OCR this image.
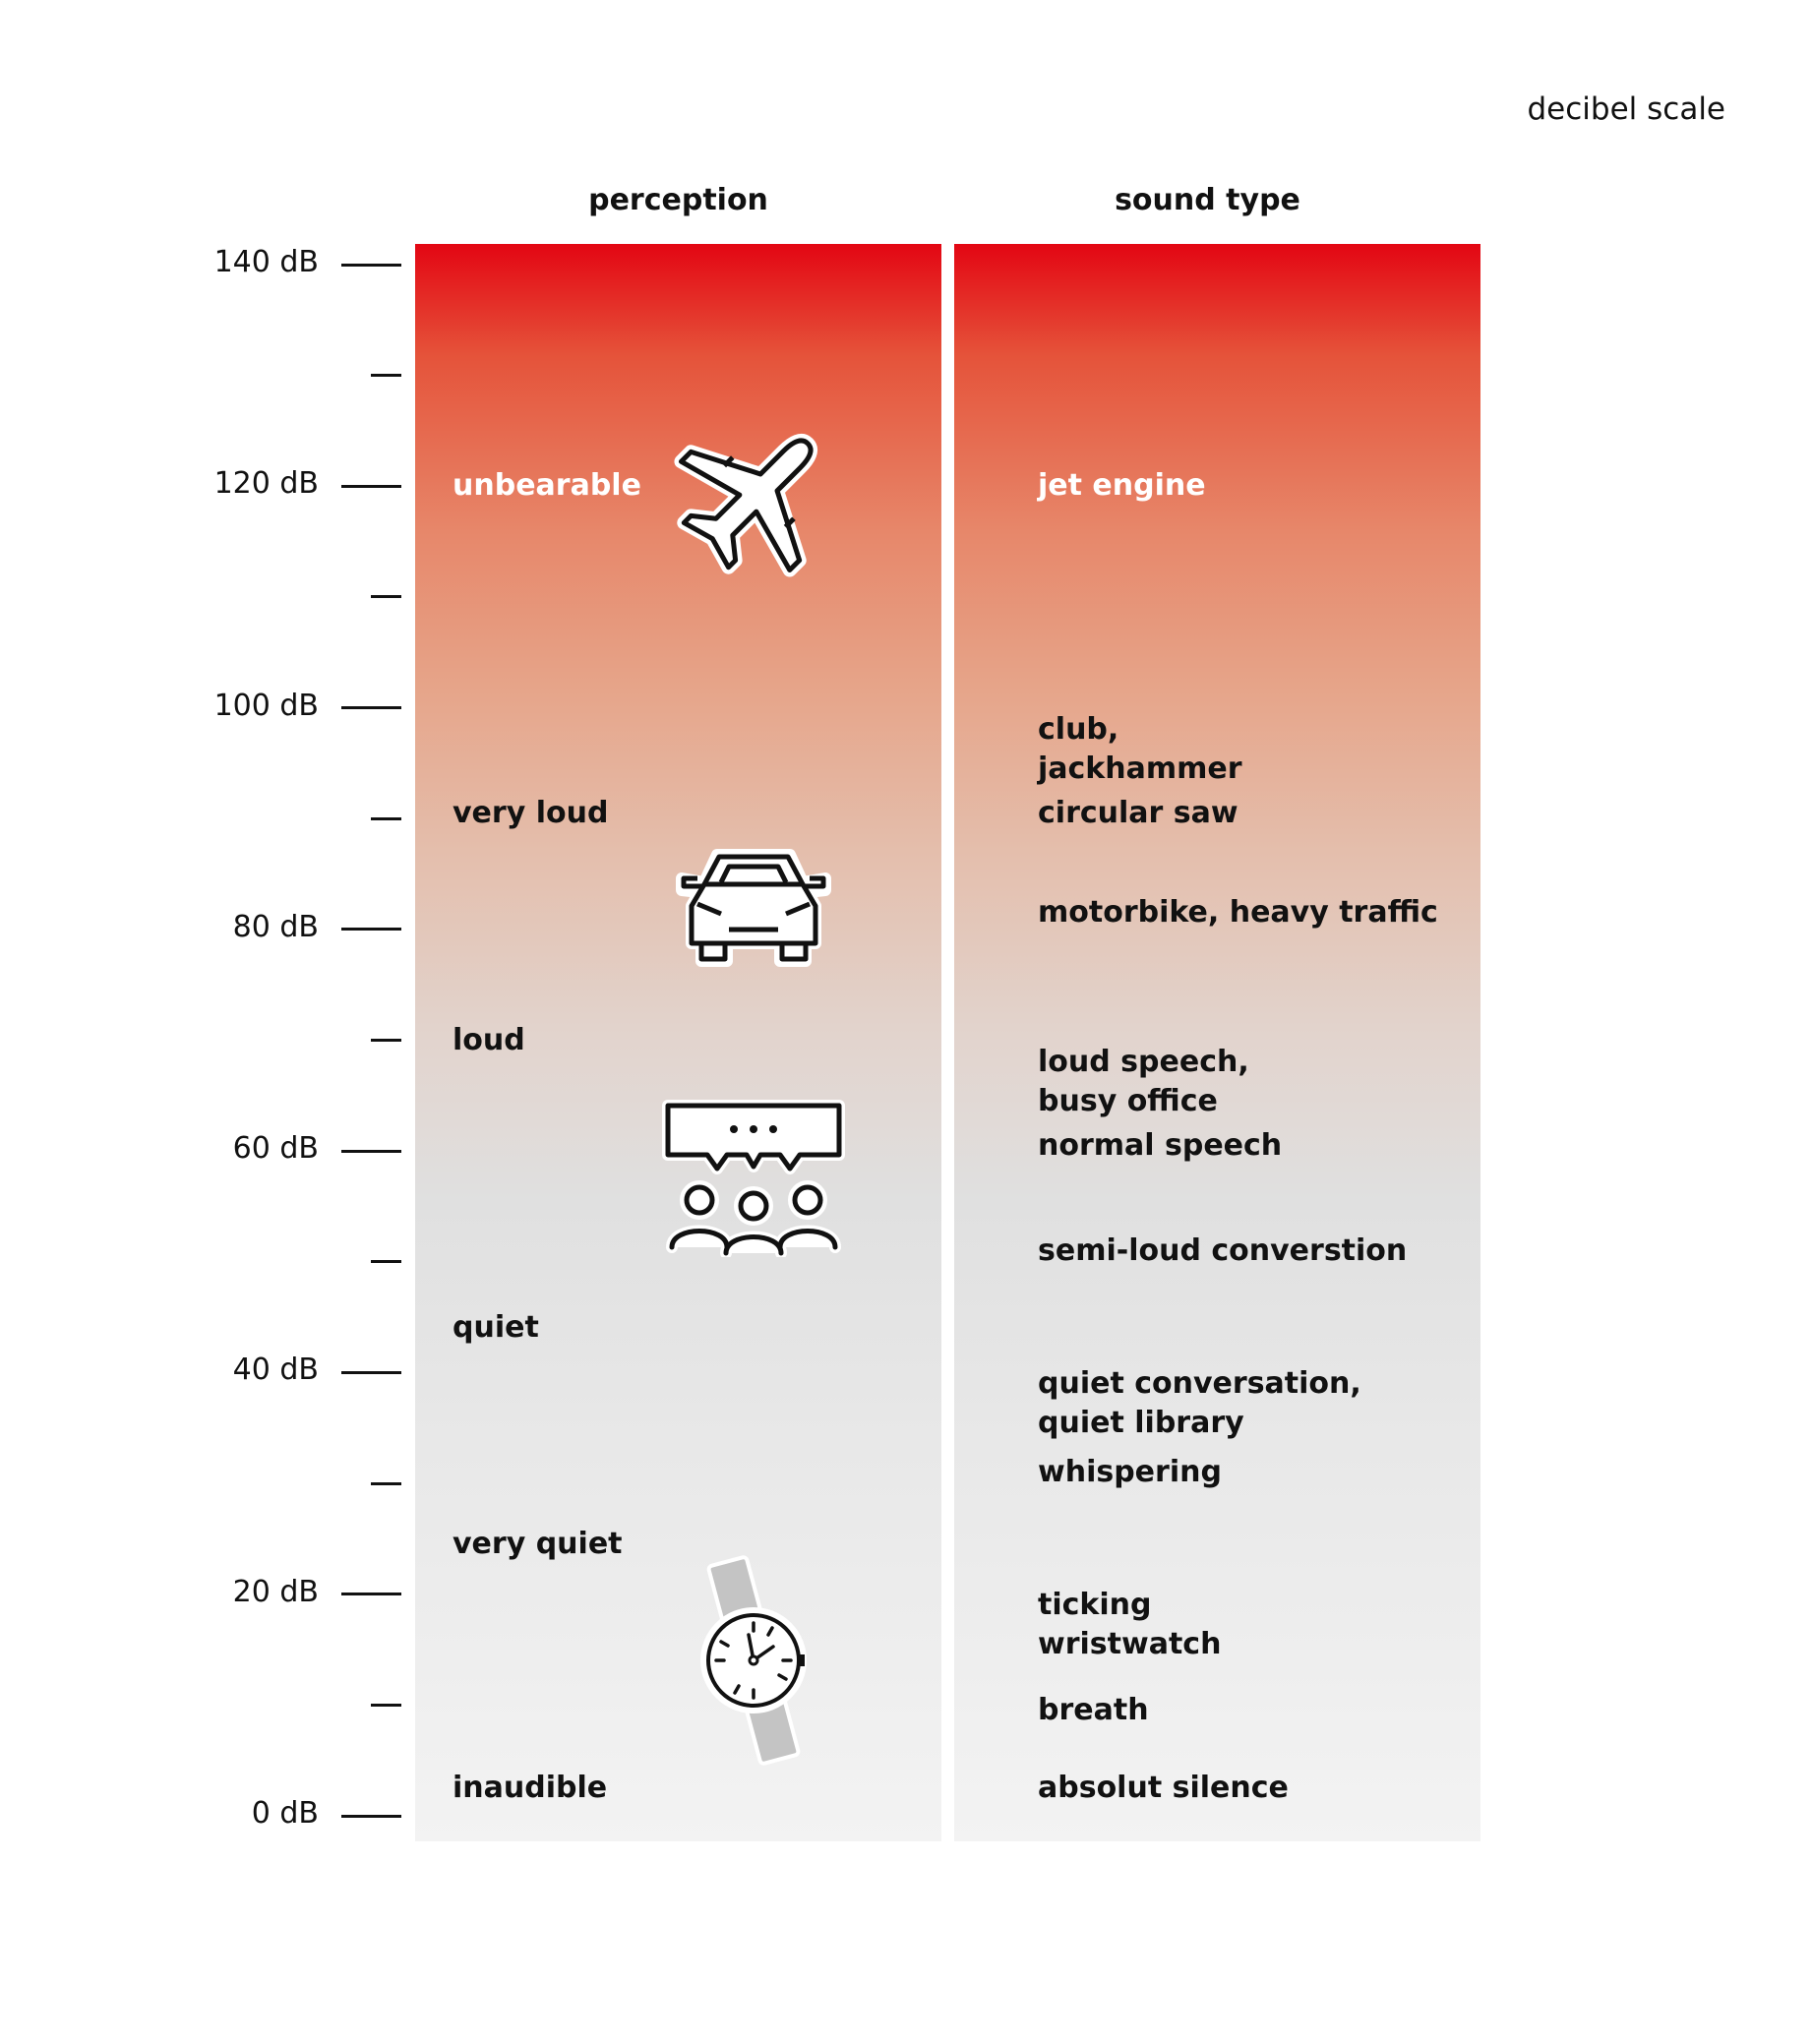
decibel scale
perception	sound type
140 dB
120 dB
100 dB
80 dB
60 dB
40 dB
20 dB
0 dB
unbearable
very loud
loud
quiet
very quiet
inaudible
jet engine
club,
jackhammer
circular saw
motorbike, heavy traffic
loud speech,
busy office
normal speech
semi-loud converstion
quiet conversation,
quiet library
whispering
ticking
wristwatch
breath
absolut silence
